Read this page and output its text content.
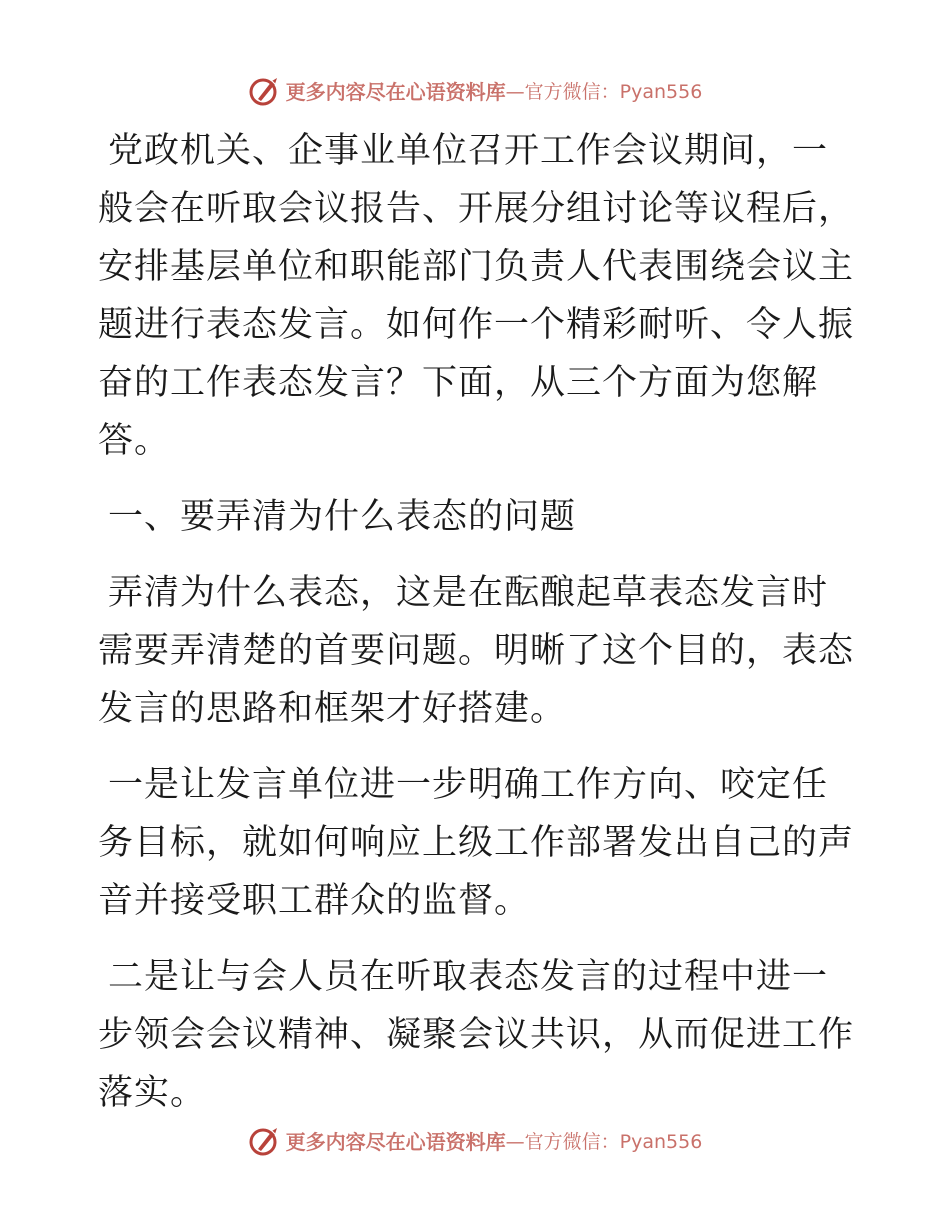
更多内容尽在心语资料库 —官方微信：Pyan556

党政机关、企事业单位召开工作会议期间，一般会在听取会议报告、开展分组讨论等议程后，安排基层单位和职能部门负责人代表围绕会议主题进行表态发言。如何作一个精彩耐听、令人振奋的工作表态发言？下面，从三个方面为您解答。

一、要弄清为什么表态的问题

弄清为什么表态，这是在酝酿起草表态发言时需要弄清楚的首要问题。明晰了这个目的，表态发言的思路和框架才好搭建。

一是让发言单位进一步明确工作方向、咬定任务目标，就如何响应上级工作部署发出自己的声音并接受职工群众的监督。

二是让与会人员在听取表态发言的过程中进一步领会会议精神、凝聚会议共识，从而促进工作落实。

更多内容尽在心语资料库 —官方微信：Pyan556
